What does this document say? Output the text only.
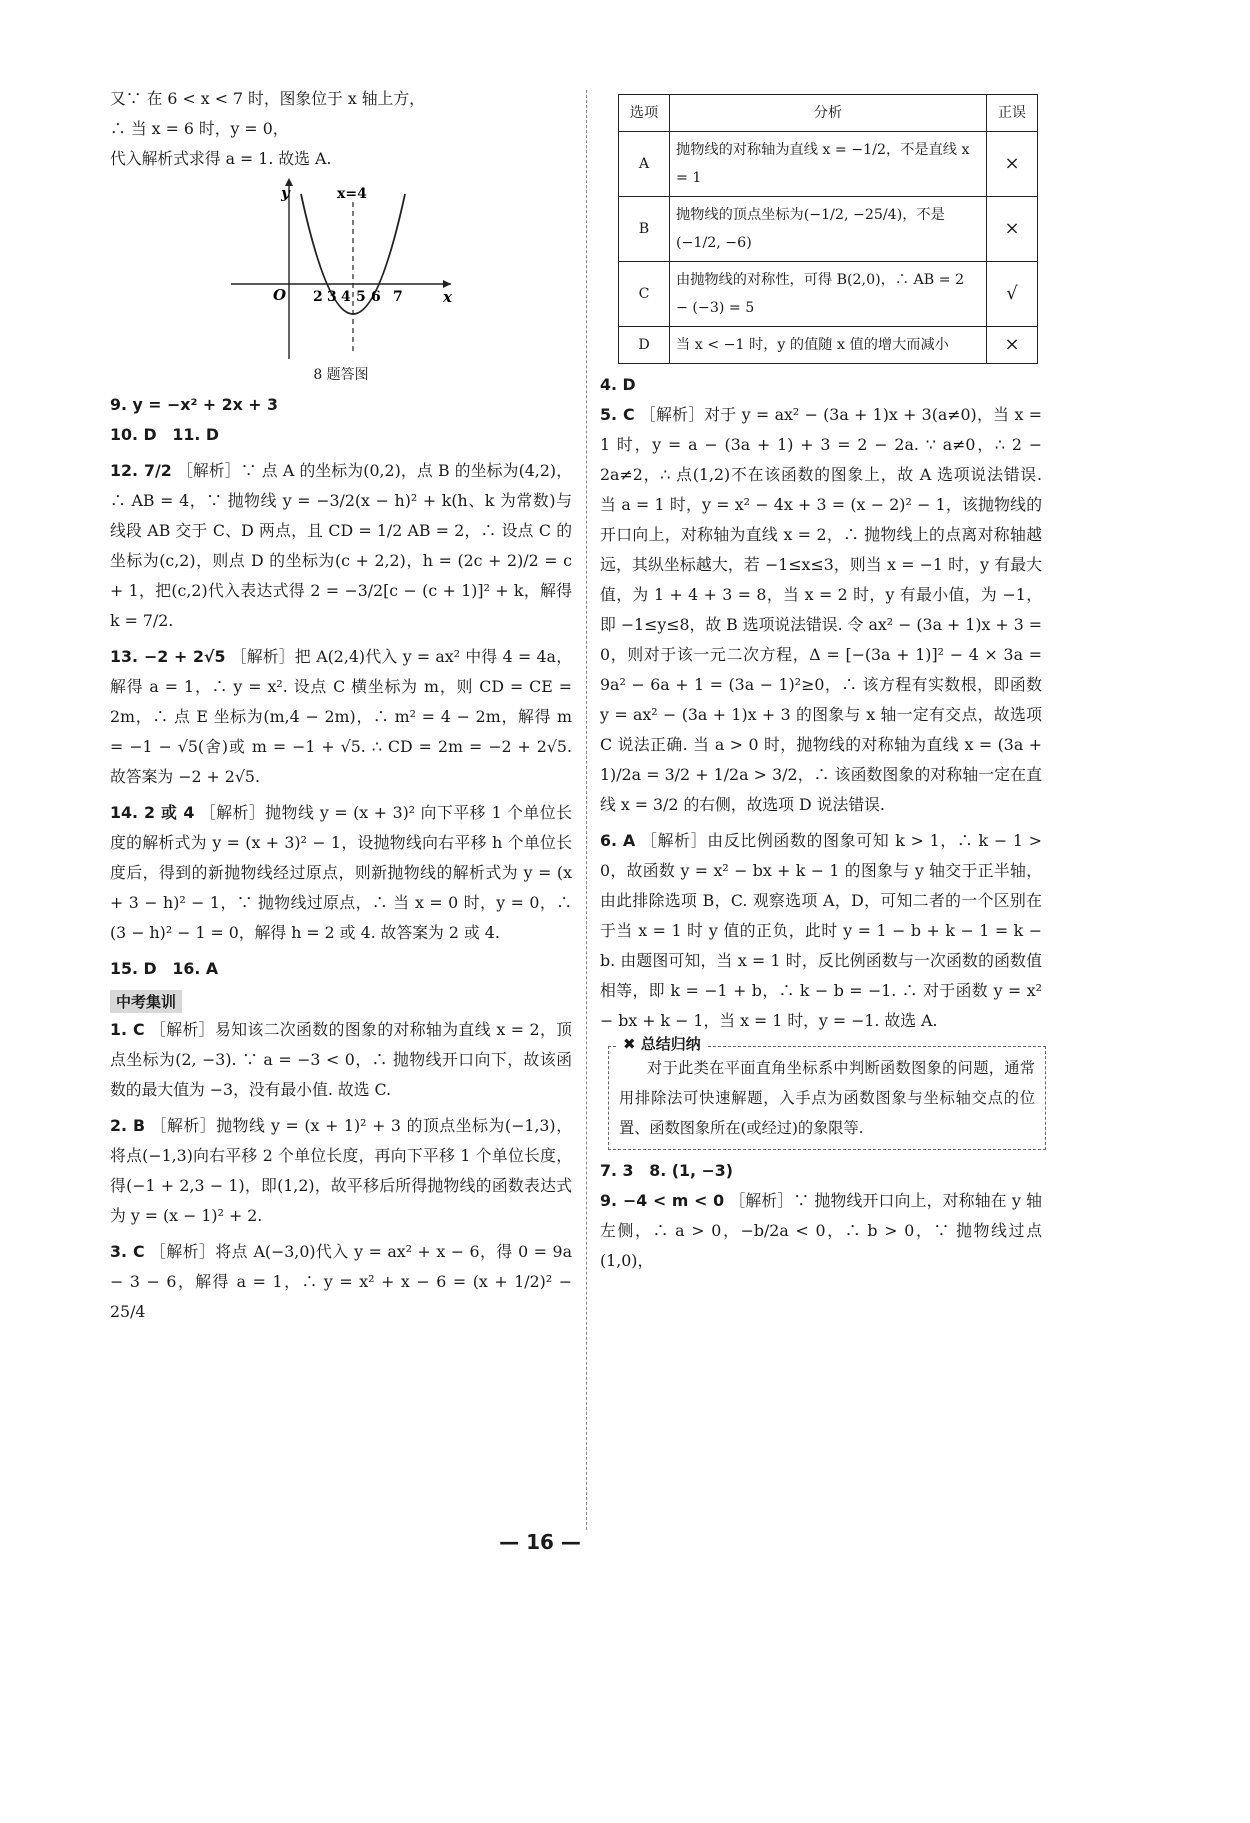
又∵ 在 6 < x < 7 时，图象位于 x 轴上方，

∴ 当 x = 6 时，y = 0，

代入解析式求得 a = 1. 故选 A.

y
O	x
x=4
2 3 4 5 6 7
8 题答图

9. y = −x² + 2x + 3

10. D　11. D

12. 7/2 ［解析］∵ 点 A 的坐标为(0,2)，点 B 的坐标为(4,2)，∴ AB = 4，∵ 抛物线 y = −3/2(x − h)² + k(h、k 为常数)与线段 AB 交于 C、D 两点，且 CD = 1/2 AB = 2，∴ 设点 C 的坐标为(c,2)，则点 D 的坐标为(c + 2,2)，h = (2c + 2)/2 = c + 1，把(c,2)代入表达式得 2 = −3/2[c − (c + 1)]² + k，解得 k = 7/2.

13. −2 + 2√5 ［解析］把 A(2,4)代入 y = ax² 中得 4 = 4a，解得 a = 1，∴ y = x². 设点 C 横坐标为 m，则 CD = CE = 2m，∴ 点 E 坐标为(m,4 − 2m)，∴ m² = 4 − 2m，解得 m = −1 − √5(舍)或 m = −1 + √5. ∴ CD = 2m = −2 + 2√5. 故答案为 −2 + 2√5.

14. 2 或 4 ［解析］抛物线 y = (x + 3)² 向下平移 1 个单位长度的解析式为 y = (x + 3)² − 1，设抛物线向右平移 h 个单位长度后，得到的新抛物线经过原点，则新抛物线的解析式为 y = (x + 3 − h)² − 1，∵ 抛物线过原点，∴ 当 x = 0 时，y = 0，∴ (3 − h)² − 1 = 0，解得 h = 2 或 4. 故答案为 2 或 4.

15. D　16. A

中考集训

1. C ［解析］易知该二次函数的图象的对称轴为直线 x = 2，顶点坐标为(2, −3). ∵ a = −3 < 0，∴ 抛物线开口向下，故该函数的最大值为 −3，没有最小值. 故选 C.

2. B ［解析］抛物线 y = (x + 1)² + 3 的顶点坐标为(−1,3)，将点(−1,3)向右平移 2 个单位长度，再向下平移 1 个单位长度，得(−1 + 2,3 − 1)，即(1,2)，故平移后所得抛物线的函数表达式为 y = (x − 1)² + 2.

3. C ［解析］将点 A(−3,0)代入 y = ax² + x − 6，得 0 = 9a − 3 − 6，解得 a = 1，∴ y = x² + x − 6 = (x + 1/2)² − 25/4

选项	分析	正误
A	抛物线的对称轴为直线 x = −1/2，不是直线 x = 1	×
B	抛物线的顶点坐标为(−1/2, −25/4)，不是(−1/2, −6)	×
C	由抛物线的对称性，可得 B(2,0)，∴ AB = 2 − (−3) = 5	√
D	当 x < −1 时，y 的值随 x 值的增大而减小	×

4. D

5. C ［解析］对于 y = ax² − (3a + 1)x + 3(a≠0)，当 x = 1 时，y = a − (3a + 1) + 3 = 2 − 2a. ∵ a≠0，∴ 2 − 2a≠2，∴ 点(1,2)不在该函数的图象上，故 A 选项说法错误. 当 a = 1 时，y = x² − 4x + 3 = (x − 2)² − 1，该抛物线的开口向上，对称轴为直线 x = 2，∴ 抛物线上的点离对称轴越远，其纵坐标越大，若 −1≤x≤3，则当 x = −1 时，y 有最大值，为 1 + 4 + 3 = 8，当 x = 2 时，y 有最小值，为 −1，即 −1≤y≤8，故 B 选项说法错误. 令 ax² − (3a + 1)x + 3 = 0，则对于该一元二次方程，Δ = [−(3a + 1)]² − 4 × 3a = 9a² − 6a + 1 = (3a − 1)²≥0，∴ 该方程有实数根，即函数 y = ax² − (3a + 1)x + 3 的图象与 x 轴一定有交点，故选项 C 说法正确. 当 a > 0 时，抛物线的对称轴为直线 x = (3a + 1)/2a = 3/2 + 1/2a > 3/2，∴ 该函数图象的对称轴一定在直线 x = 3/2 的右侧，故选项 D 说法错误.

6. A ［解析］由反比例函数的图象可知 k > 1，∴ k − 1 > 0，故函数 y = x² − bx + k − 1 的图象与 y 轴交于正半轴，由此排除选项 B，C. 观察选项 A，D，可知二者的一个区别在于当 x = 1 时 y 值的正负，此时 y = 1 − b + k − 1 = k − b. 由题图可知，当 x = 1 时，反比例函数与一次函数的函数值相等，即 k = −1 + b，∴ k − b = −1. ∴ 对于函数 y = x² − bx + k − 1，当 x = 1 时，y = −1. 故选 A.

✖ 总结归纳

对于此类在平面直角坐标系中判断函数图象的问题，通常用排除法可快速解题，入手点为函数图象与坐标轴交点的位置、函数图象所在(或经过)的象限等.

7. 3　8. (1, −3)

9. −4 < m < 0 ［解析］∵ 抛物线开口向上，对称轴在 y 轴左侧，∴ a > 0，−b/2a < 0，∴ b > 0，∵ 抛物线过点(1,0)，

— 16 —
